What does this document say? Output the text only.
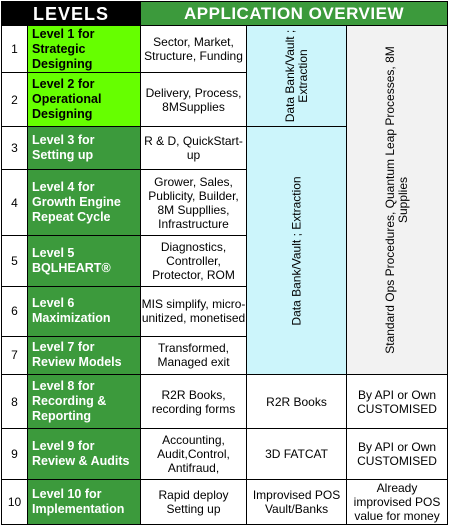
LEVELS		APPLICATION OVERVIEW		
1	Level 1 for Strategic Designing	Sector, Market, Structure, Funding	Data Bank/Vault ; Extraction	Standard Ops Procedures, Quantum Leap Processes, 8M Supplies

2	Level 2 for Operational Designing	Delivery, Process, 8MSupplies		
3	Level 3 for Setting up	R & D, QuickStart-up	Data Bank/Vault ; Extraction	

4	Level 4 for Growth Engine Repeat Cycle	Grower, Sales, Publicity, Builder, 8M Suppllies, Infrastructure		
5	Level 5 BQLHEART®	Diagnostics, Controller, Protector, ROM		
6	Level 6 Maximization	MIS simplify, micro-unitized, monetised		
7	Level 7 for Review Models	Transformed, Managed exit		
8	Level 8 for Recording & Reporting	R2R Books, recording forms	R2R Books	By API or Own CUSTOMISED
9	Level 9 for Review & Audits	Accounting, Audit,Control, Antifraud,	3D FATCAT	By API or Own CUSTOMISED
10	Level 10 for Implementation	Rapid deploy Setting up	Improvised POS Vault/Banks	Already improvised POS value for money
